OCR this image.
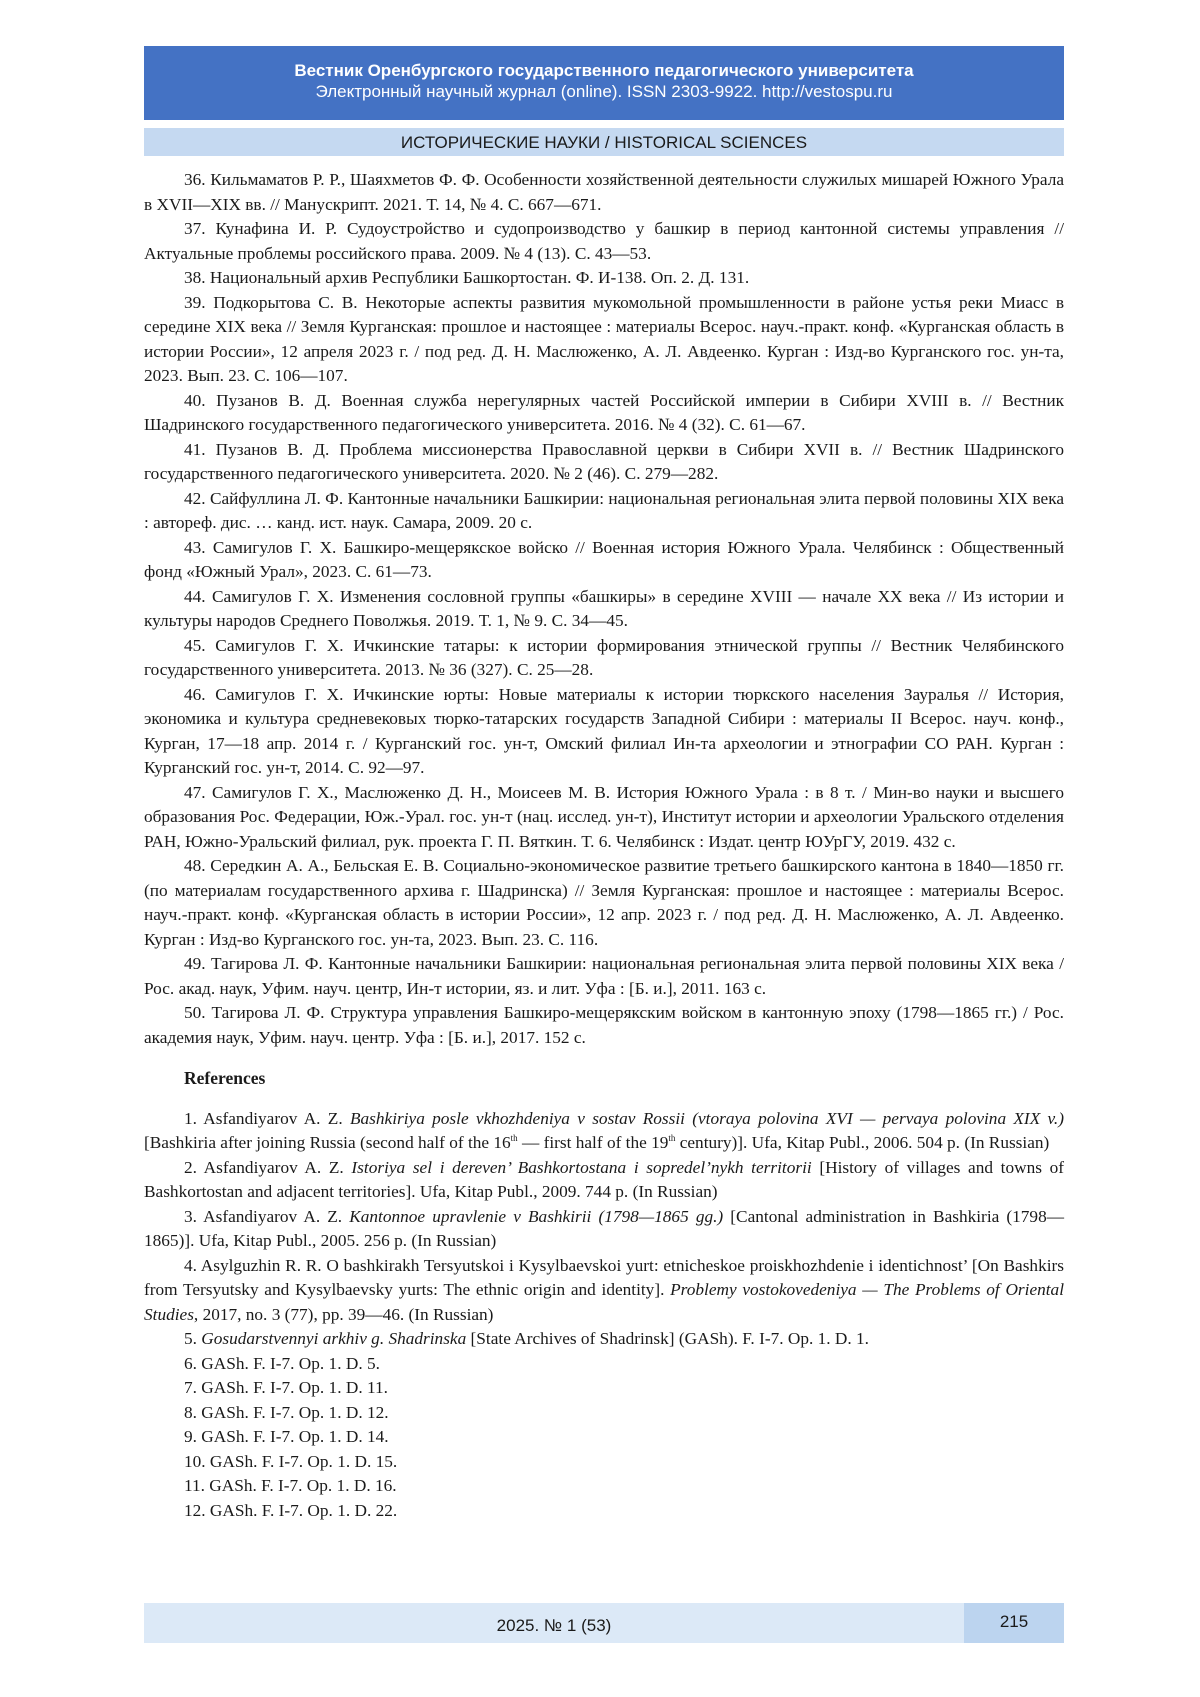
Вестник Оренбургского государственного педагогического университета
Электронный научный журнал (online). ISSN 2303-9922. http://vestospu.ru
ИСТОРИЧЕСКИЕ НАУКИ / HISTORICAL SCIENCES

36. Кильмаматов Р. Р., Шаяхметов Ф. Ф. Особенности хозяйственной деятельности служилых мишарей Южного Урала в XVII—XIX вв. // Манускрипт. 2021. Т. 14, № 4. С. 667—671.

37. Кунафина И. Р. Судоустройство и судопроизводство у башкир в период кантонной системы управления // Актуальные проблемы российского права. 2009. № 4 (13). С. 43—53.

38. Национальный архив Республики Башкортостан. Ф. И-138. Оп. 2. Д. 131.

39. Подкорытова С. В. Некоторые аспекты развития мукомольной промышленности в районе устья реки Миасс в середине XIX века // Земля Курганская: прошлое и настоящее : материалы Всерос. науч.-практ. конф. «Курганская область в истории России», 12 апреля 2023 г. / под ред. Д. Н. Маслюженко, А. Л. Авдеенко. Курган : Изд-во Курганского гос. ун-та, 2023. Вып. 23. С. 106—107.

40. Пузанов В. Д. Военная служба нерегулярных частей Российской империи в Сибири XVIII в. // Вестник Шадринского государственного педагогического университета. 2016. № 4 (32). С. 61—67.

41. Пузанов В. Д. Проблема миссионерства Православной церкви в Сибири XVII в. // Вестник Шадринского государственного педагогического университета. 2020. № 2 (46). С. 279—282.

42. Сайфуллина Л. Ф. Кантонные начальники Башкирии: национальная региональная элита первой половины XIX века : автореф. дис. … канд. ист. наук. Самара, 2009. 20 с.

43. Самигулов Г. Х. Башкиро-мещерякское войско // Военная история Южного Урала. Челябинск : Общественный фонд «Южный Урал», 2023. С. 61—73.

44. Самигулов Г. Х. Изменения сословной группы «башкиры» в середине XVIII — начале XX века // Из истории и культуры народов Среднего Поволжья. 2019. Т. 1, № 9. С. 34—45.

45. Самигулов Г. Х. Ичкинские татары: к истории формирования этнической группы // Вестник Челябинского государственного университета. 2013. № 36 (327). С. 25—28.

46. Самигулов Г. Х. Ичкинские юрты: Новые материалы к истории тюркского населения Зауралья // История, экономика и культура средневековых тюрко-татарских государств Западной Сибири : материалы II Всерос. науч. конф., Курган, 17—18 апр. 2014 г. / Курганский гос. ун-т, Омский филиал Ин-та археологии и этнографии СО РАН. Курган : Курганский гос. ун-т, 2014. С. 92—97.

47. Самигулов Г. Х., Маслюженко Д. Н., Моисеев М. В. История Южного Урала : в 8 т. / Мин-во науки и высшего образования Рос. Федерации, Юж.-Урал. гос. ун-т (нац. исслед. ун-т), Институт истории и археологии Уральского отделения РАН, Южно-Уральский филиал, рук. проекта Г. П. Вяткин. Т. 6. Челябинск : Издат. центр ЮУрГУ, 2019. 432 с.

48. Середкин А. А., Бельская Е. В. Социально-экономическое развитие третьего башкирского кантона в 1840—1850 гг. (по материалам государственного архива г. Шадринска) // Земля Курганская: прошлое и настоящее : материалы Всерос. науч.-практ. конф. «Курганская область в истории России», 12 апр. 2023 г. / под ред. Д. Н. Маслюженко, А. Л. Авдеенко. Курган : Изд-во Курганского гос. ун-та, 2023. Вып. 23. С. 116.

49. Тагирова Л. Ф. Кантонные начальники Башкирии: национальная региональная элита первой половины XIX века / Рос. акад. наук, Уфим. науч. центр, Ин-т истории, яз. и лит. Уфа : [Б. и.], 2011. 163 с.

50. Тагирова Л. Ф. Структура управления Башкиро-мещерякским войском в кантонную эпоху (1798—1865 гг.) / Рос. академия наук, Уфим. науч. центр. Уфа : [Б. и.], 2017. 152 с.

References

1. Asfandiyarov A. Z. Bashkiriya posle vkhozhdeniya v sostav Rossii (vtoraya polovina XVI — pervaya polovina XIX v.) [Bashkiria after joining Russia (second half of the 16th — first half of the 19th century)]. Ufa, Kitap Publ., 2006. 504 p. (In Russian)

2. Asfandiyarov A. Z. Istoriya sel i dereven’ Bashkortostana i sopredel’nykh territorii [History of villages and towns of Bashkortostan and adjacent territories]. Ufa, Kitap Publ., 2009. 744 p. (In Russian)

3. Asfandiyarov A. Z. Kantonnoe upravlenie v Bashkirii (1798—1865 gg.) [Cantonal administration in Bashkiria (1798—1865)]. Ufa, Kitap Publ., 2005. 256 p. (In Russian)

4. Asylguzhin R. R. O bashkirakh Tersyutskoi i Kysylbaevskoi yurt: etnicheskoe proiskhozhdenie i identichnost’ [On Bashkirs from Tersyutsky and Kysylbaevsky yurts: The ethnic origin and identity]. Problemy vostokovedeniya — The Problems of Oriental Studies, 2017, no. 3 (77), pp. 39—46. (In Russian)

5. Gosudarstvennyi arkhiv g. Shadrinska [State Archives of Shadrinsk] (GASh). F. I-7. Op. 1. D. 1.

6. GASh. F. I-7. Op. 1. D. 5.

7. GASh. F. I-7. Op. 1. D. 11.

8. GASh. F. I-7. Op. 1. D. 12.

9. GASh. F. I-7. Op. 1. D. 14.

10. GASh. F. I-7. Op. 1. D. 15.

11. GASh. F. I-7. Op. 1. D. 16.

12. GASh. F. I-7. Op. 1. D. 22.

2025. № 1 (53)	215
